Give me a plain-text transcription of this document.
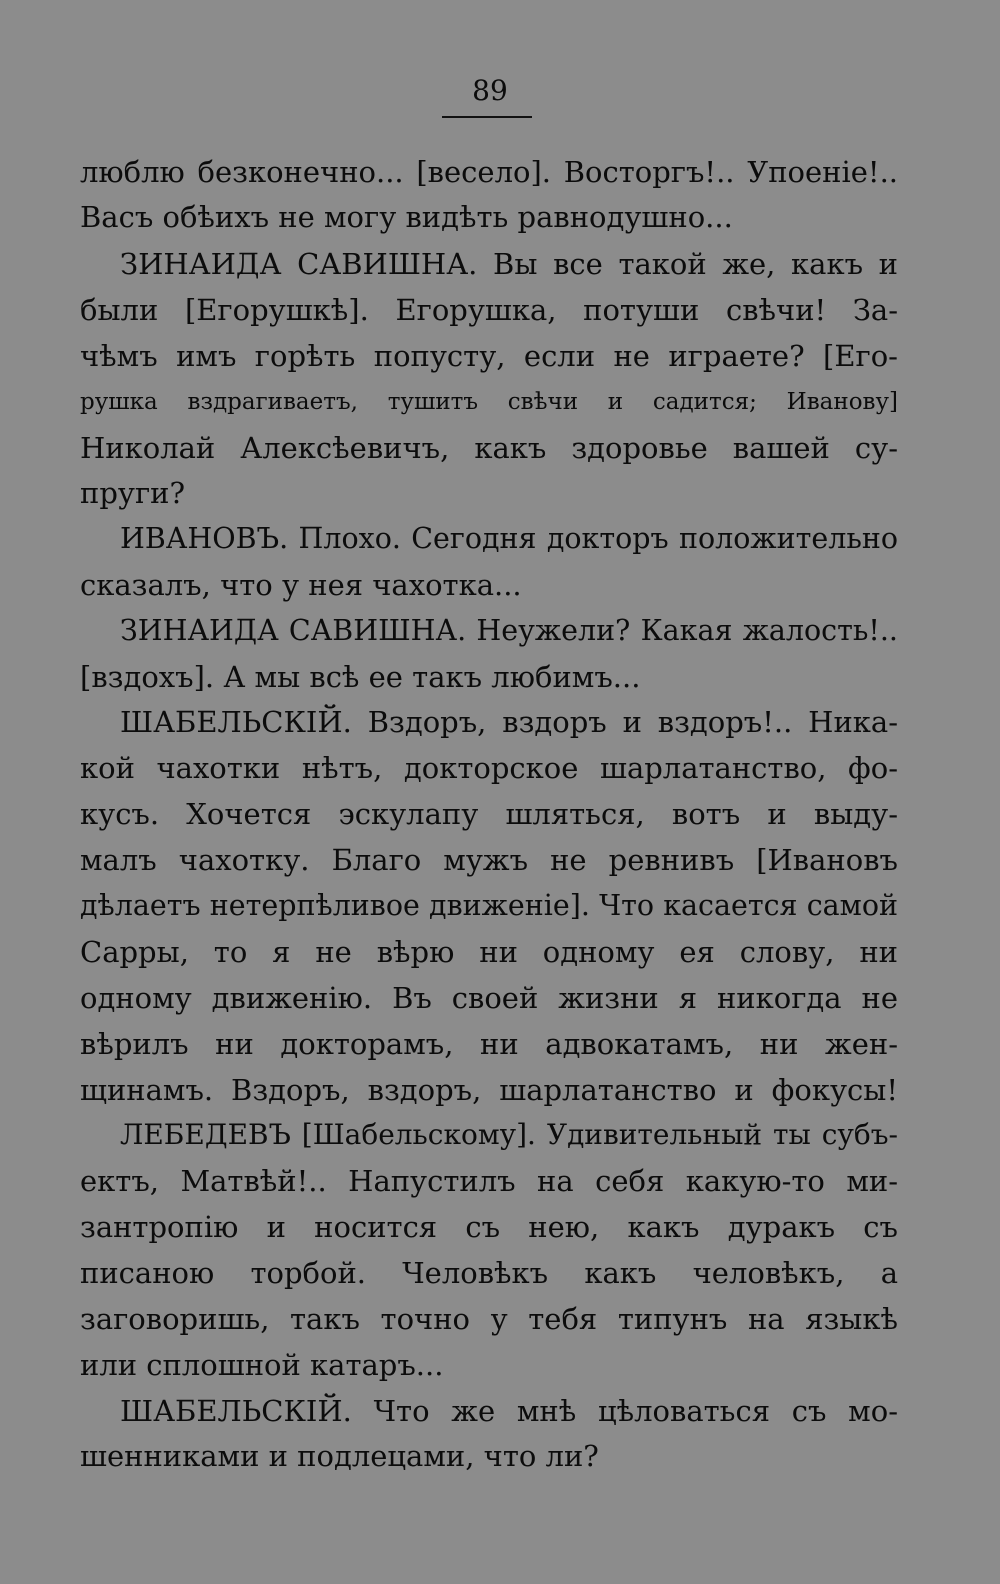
89
люблю безконечно... [весело]. Восторгъ!.. Упоеніе!..
Васъ обѣихъ не могу видѣть равнодушно...
ЗИНАИДА САВИШНА. Вы все такой же, какъ и
были [Егорушкѣ]. Егорушка, потуши свѣчи! За-
чѣмъ имъ горѣть попусту, если не играете? [Его-
рушка вздрагиваетъ, тушитъ свѣчи и садится; Иванову]
Николай Алексѣевичъ, какъ здоровье вашей су-
пруги?
ИВАНОВЪ. Плохо. Сегодня докторъ положительно
сказалъ, что у нея чахотка...
ЗИНАИДА САВИШНА. Неужели? Какая жалость!..
[вздохъ]. А мы всѣ ее такъ любимъ...
ШАБЕЛЬСКІЙ. Вздоръ, вздоръ и вздоръ!.. Ника-
кой чахотки нѣтъ, докторское шарлатанство, фо-
кусъ. Хочется эскулапу шляться, вотъ и выду-
малъ чахотку. Благо мужъ не ревнивъ [Ивановъ
дѣлаетъ нетерпѣливое движеніе]. Что касается самой
Сарры, то я не вѣрю ни одному ея слову, ни
одному движенію. Въ своей жизни я никогда не
вѣрилъ ни докторамъ, ни адвокатамъ, ни жен-
щинамъ. Вздоръ, вздоръ, шарлатанство и фокусы!
ЛЕБЕДЕВЪ [Шабельскому]. Удивительный ты субъ-
ектъ, Матвѣй!.. Напустилъ на себя какую-то ми-
зантропію и носится съ нею, какъ дуракъ съ
писаною торбой. Человѣкъ какъ человѣкъ, а
заговоришь, такъ точно у тебя типунъ на языкѣ
или сплошной катаръ...
ШАБЕЛЬСКІЙ. Что же мнѣ цѣловаться съ мо-
шенниками и подлецами, что ли?
